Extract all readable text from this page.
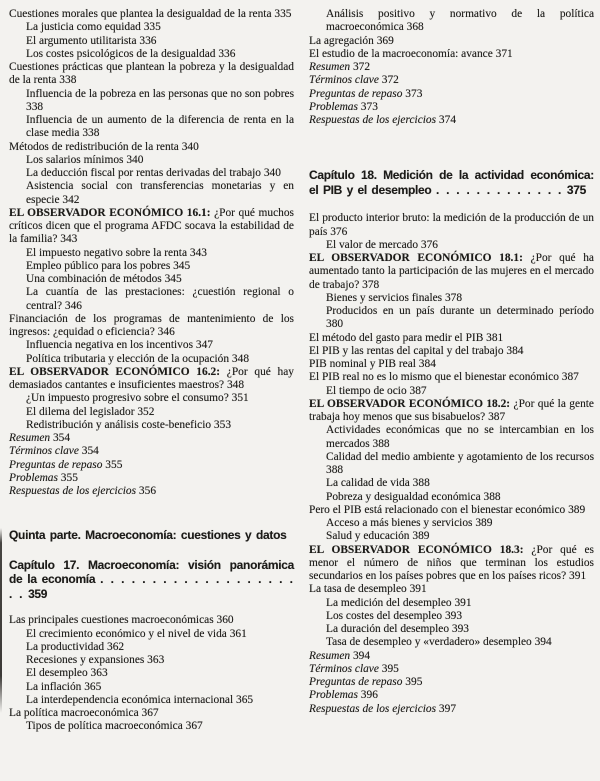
Cuestiones morales que plantea la desigualdad de la renta 335
La justicia como equidad 335
El argumento utilitarista 336
Los costes psicológicos de la desigualdad 336
Cuestiones prácticas que plantean la pobreza y la desigualdad de la renta 338
Influencia de la pobreza en las personas que no son pobres 338
Influencia de un aumento de la diferencia de renta en la clase media 338
Métodos de redistribución de la renta 340
Los salarios mínimos 340
La deducción fiscal por rentas derivadas del trabajo 340
Asistencia social con transferencias monetarias y en especie 342
EL OBSERVADOR ECONÓMICO 16.1: ¿Por qué muchos críticos dicen que el programa AFDC socava la estabilidad de la familia? 343
El impuesto negativo sobre la renta 343
Empleo público para los pobres 345
Una combinación de métodos 345
La cuantía de las prestaciones: ¿cuestión regional o central? 346
Financiación de los programas de mantenimiento de los ingresos: ¿equidad o eficiencia? 346
Influencia negativa en los incentivos 347
Política tributaria y elección de la ocupación 348
EL OBSERVADOR ECONÓMICO 16.2: ¿Por qué hay demasiados cantantes e insuficientes maestros? 348
¿Un impuesto progresivo sobre el consumo? 351
El dilema del legislador 352
Redistribución y análisis coste-beneficio 353
Resumen 354
Términos clave 354
Preguntas de repaso 355
Problemas 355
Respuestas de los ejercicios 356
Quinta parte. Macroeconomía: cuestiones y datos
Capítulo 17. Macroeconomía: visión panorámica de la economía . . . . . . . . . . . . . . . . . . . . . 359
Las principales cuestiones macroeconómicas 360
El crecimiento económico y el nivel de vida 361
La productividad 362
Recesiones y expansiones 363
El desempleo 363
La inflación 365
La interdependencia económica internacional 365
La política macroeconómica 367
Tipos de política macroeconómica 367
Análisis positivo y normativo de la política macroeconómica 368
La agregación 369
El estudio de la macroeconomía: avance 371
Resumen 372
Términos clave 372
Preguntas de repaso 373
Problemas 373
Respuestas de los ejercicios 374
Capítulo 18. Medición de la actividad económica: el PIB y el desempleo . . . . . . . . . . . . . 375
El producto interior bruto: la medición de la producción de un país 376
El valor de mercado 376
EL OBSERVADOR ECONÓMICO 18.1: ¿Por qué ha aumentado tanto la participación de las mujeres en el mercado de trabajo? 378
Bienes y servicios finales 378
Producidos en un país durante un determinado período 380
El método del gasto para medir el PIB 381
El PIB y las rentas del capital y del trabajo 384
PIB nominal y PIB real 384
El PIB real no es lo mismo que el bienestar económico 387
El tiempo de ocio 387
EL OBSERVADOR ECONÓMICO 18.2: ¿Por qué la gente trabaja hoy menos que sus bisabuelos? 387
Actividades económicas que no se intercambian en los mercados 388
Calidad del medio ambiente y agotamiento de los recursos 388
La calidad de vida 388
Pobreza y desigualdad económica 388
Pero el PIB está relacionado con el bienestar económico 389
Acceso a más bienes y servicios 389
Salud y educación 389
EL OBSERVADOR ECONÓMICO 18.3: ¿Por qué es menor el número de niños que terminan los estudios secundarios en los países pobres que en los países ricos? 391
La tasa de desempleo 391
La medición del desempleo 391
Los costes del desempleo 393
La duración del desempleo 393
Tasa de desempleo y «verdadero» desempleo 394
Resumen 394
Términos clave 395
Preguntas de repaso 395
Problemas 396
Respuestas de los ejercicios 397
